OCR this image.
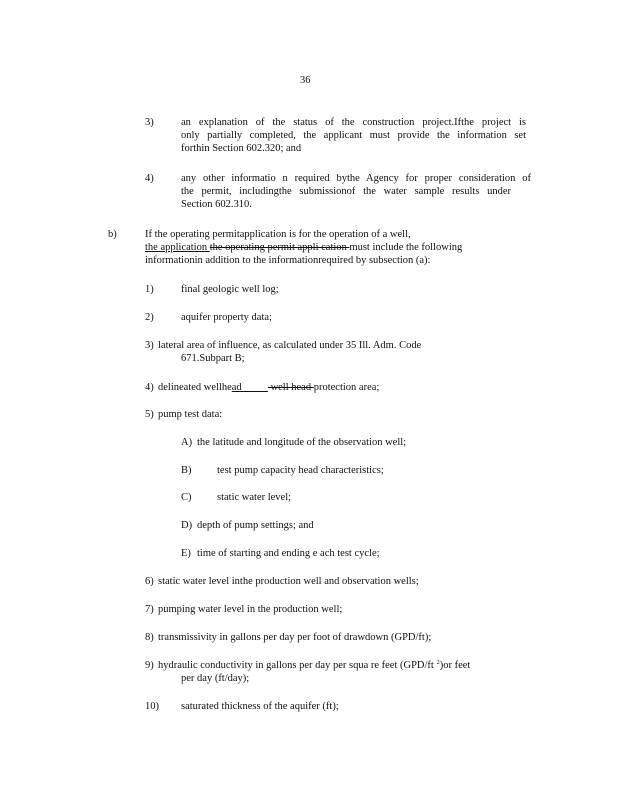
36
3)	an explanation of the status of the construction project.Ifthe project is
only partially completed, the applicant must provide the information set
forthin Section 602.320; and
4)	any other informatio n required bythe Agency for proper consideration of
the permit, includingthe submissionof the water sample results under
Section 602.310.
b)	If the operating permitapplication is for the operation of a well,
the application the operating permit appli cation must include the following
informationin addition to the informationrequired by subsection (a):
1)	final geologic well log;
2)	aquifer property data;
3) lateral area of influence, as calculated under 35 Ill. Adm. Code
671.Subpart B;
4) delineated wellhead           well head protection area;
5) pump test data:
A) the latitude and longitude of the observation well;
B) test pump capacity head characteristics;
C) static water level;
D) depth of pump settings; and
E) time of starting and ending e ach test cycle;
6) static water level inthe production well and observation wells;
7) pumping water level in the production well;
8) transmissivity in gallons per day per foot of drawdown (GPD/ft);
9) hydraulic conductivity in gallons per day per squa re feet (GPD/ft $^2$)or feet
per day (ft/day);
10) saturated thickness of the aquifer (ft);
